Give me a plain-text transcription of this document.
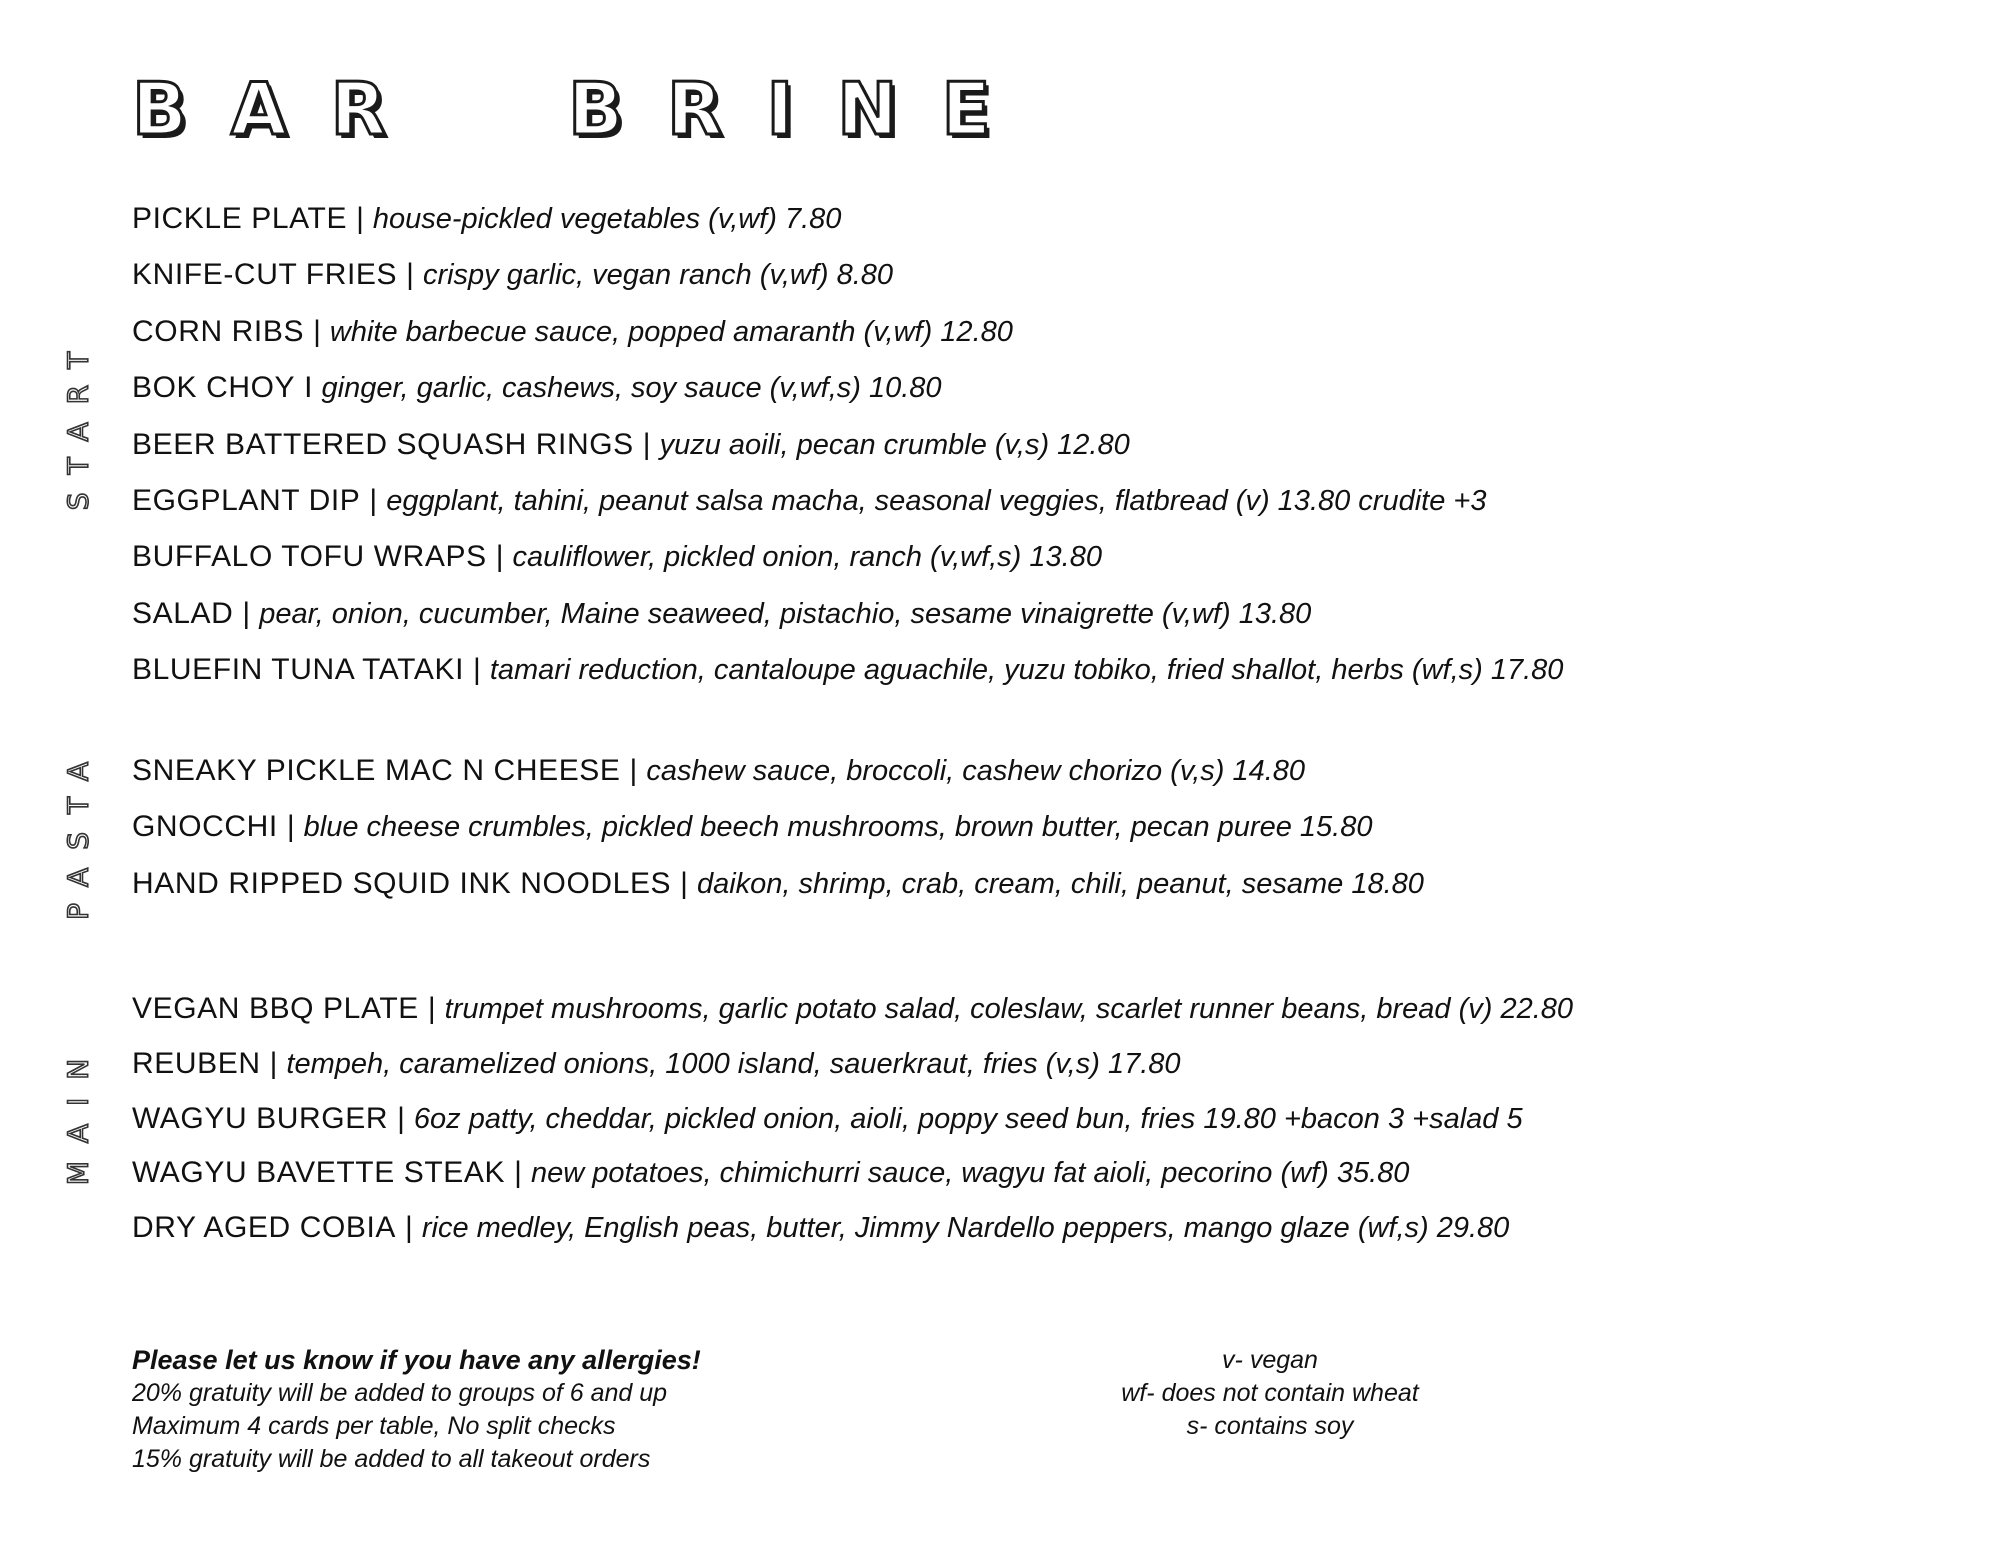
BAR  BRINE
START
PICKLE PLATE | house-pickled vegetables (v,wf) 7.80
KNIFE-CUT FRIES | crispy garlic, vegan ranch (v,wf) 8.80
CORN RIBS | white barbecue sauce, popped amaranth (v,wf) 12.80
BOK CHOY I ginger, garlic, cashews, soy sauce (v,wf,s) 10.80
BEER BATTERED SQUASH RINGS | yuzu aoili, pecan crumble (v,s) 12.80
EGGPLANT DIP | eggplant, tahini, peanut salsa macha, seasonal veggies, flatbread (v) 13.80 crudite +3
BUFFALO TOFU WRAPS | cauliflower, pickled onion, ranch (v,wf,s) 13.80
SALAD | pear, onion, cucumber, Maine seaweed, pistachio, sesame vinaigrette (v,wf) 13.80
BLUEFIN TUNA TATAKI | tamari reduction, cantaloupe aguachile, yuzu tobiko, fried shallot, herbs (wf,s) 17.80
PASTA SNEAKY PICKLE MAC N CHEESE | cashew sauce, broccoli, cashew chorizo (v,s) 14.80
GNOCCHI | blue cheese crumbles, pickled beech mushrooms, brown butter, pecan puree 15.80
HAND RIPPED SQUID INK NOODLES | daikon, shrimp, crab, cream, chili, peanut, sesame 18.80
MAIN
VEGAN BBQ PLATE | trumpet mushrooms, garlic potato salad, coleslaw, scarlet runner beans, bread (v) 22.80
REUBEN | tempeh, caramelized onions, 1000 island, sauerkraut, fries (v,s) 17.80
WAGYU BURGER | 6oz patty, cheddar, pickled onion, aioli, poppy seed bun, fries 19.80 +bacon 3 +salad 5
WAGYU BAVETTE STEAK | new potatoes, chimichurri sauce, wagyu fat aioli, pecorino (wf) 35.80
DRY AGED COBIA | rice medley, English peas, butter, Jimmy Nardello peppers, mango glaze (wf,s) 29.80
Please let us know if you have any allergies!
20% gratuity will be added to groups of 6 and up
Maximum 4 cards per table, No split checks
15% gratuity will be added to all takeout orders
v- vegan
wf- does not contain wheat
s- contains soy
